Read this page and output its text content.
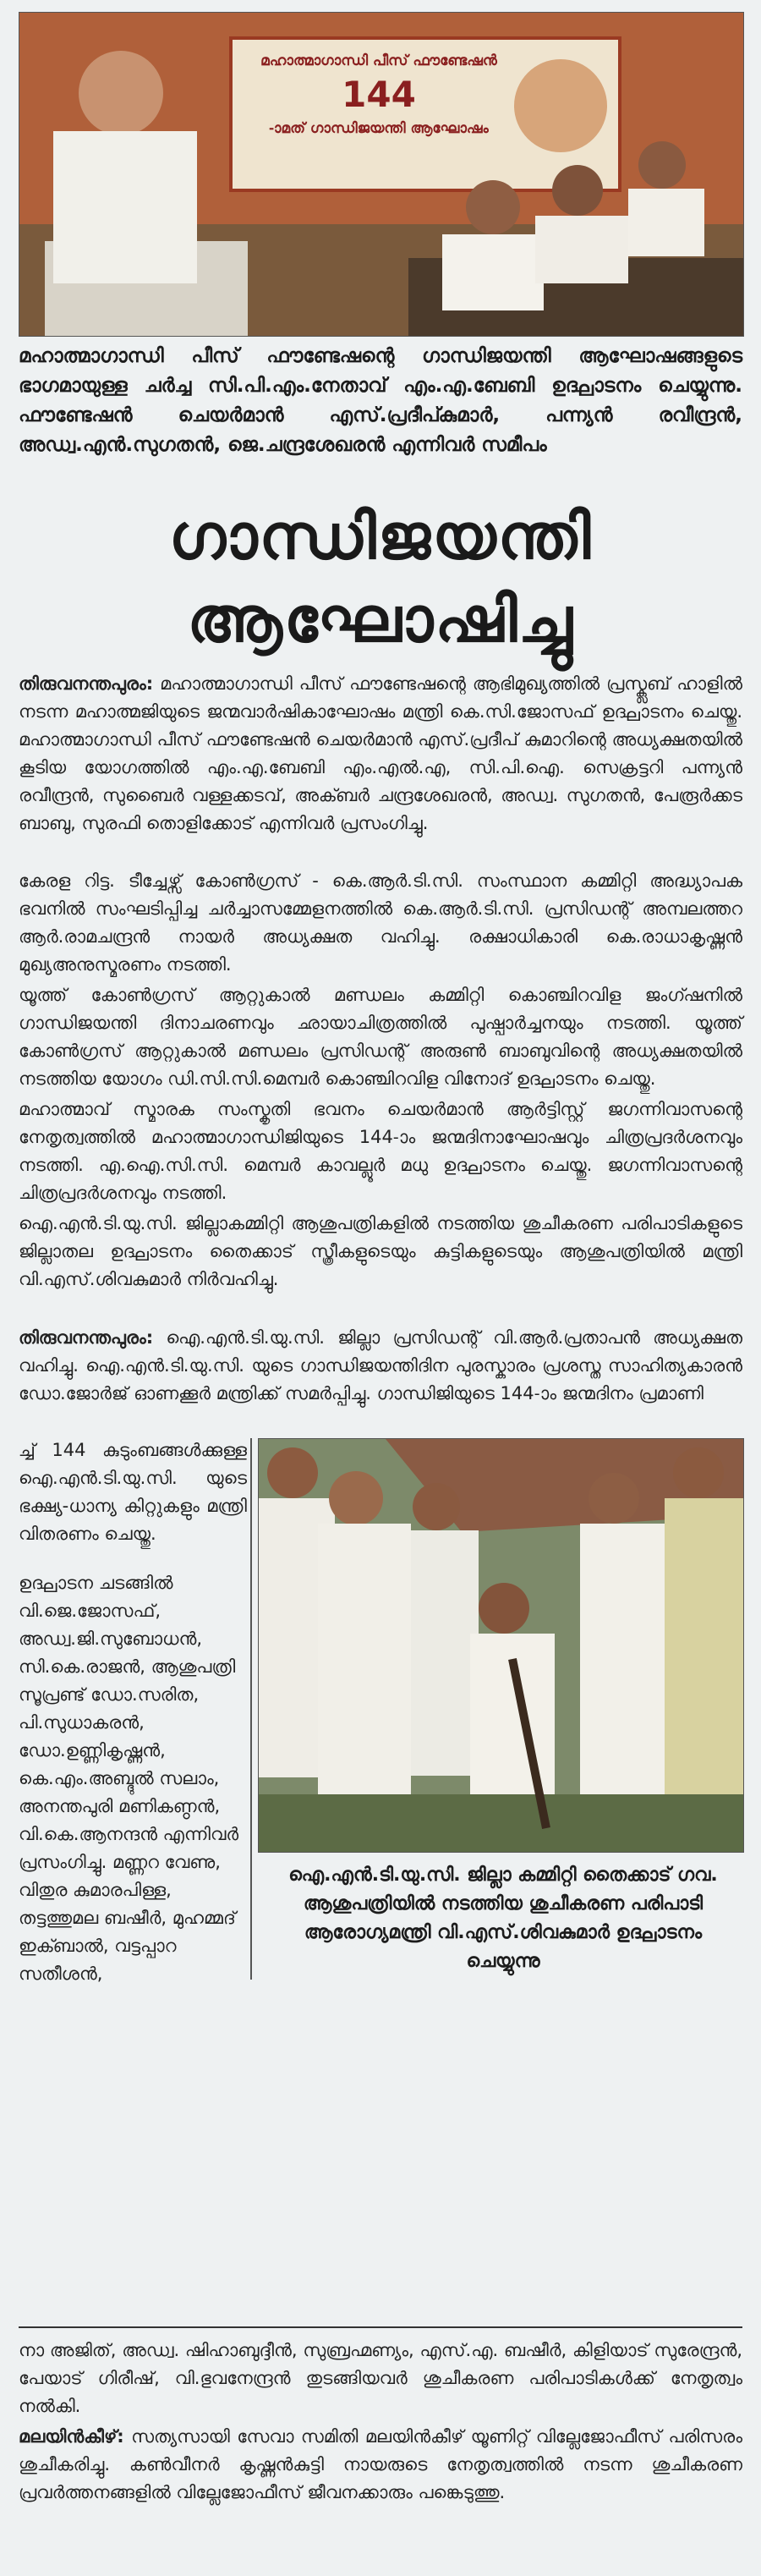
മഹാത്മാഗാന്ധി പീസ് ഫൗണ്ടേഷൻ
144
-ാമത് ഗാന്ധിജയന്തി ആഘോഷം

മഹാത്മാഗാന്ധി പീസ് ഫൗണ്ടേഷന്റെ ഗാന്ധിജയന്തി ആഘോഷങ്ങളുടെ ഭാഗമായുള്ള ചർച്ച സി.പി.എം.നേതാവ് എം.എ.ബേബി ഉദ്ഘാടനം ചെയ്യുന്നു. ഫൗണ്ടേഷൻ ചെയർമാൻ എസ്.പ്രദീപ്കുമാർ, പന്ന്യൻ രവീന്ദ്രൻ, അഡ്വ.എൻ.സുഗതൻ, ജെ.ചന്ദ്രശേഖരൻ എന്നിവർ സമീപം

ഗാന്ധിജയന്തി
ആഘോഷിച്ചു

തിരുവനന്തപുരം: മഹാത്മാഗാന്ധി പീസ് ഫൗണ്ടേഷന്റെ ആഭിമുഖ്യത്തിൽ പ്രസ്ക്ലബ് ഹാളിൽ നടന്ന മഹാത്മജിയുടെ ജന്മവാർഷികാഘോഷം മന്ത്രി കെ.സി.ജോസഫ് ഉദ്ഘാടനം ചെയ്തു. മഹാത്മാഗാന്ധി പീസ് ഫൗണ്ടേഷൻ ചെയർമാൻ എസ്.പ്രദീപ് കുമാറിന്റെ അധ്യക്ഷതയിൽ കൂടിയ യോഗത്തിൽ എം.എ.ബേബി എം.എൽ.എ, സി.പി.ഐ. സെക്രട്ടറി പന്ന്യൻ രവീന്ദ്രൻ, സുബൈർ വള്ളക്കടവ്, അക്ബർ ചന്ദ്രശേഖരൻ, അഡ്വ. സുഗതൻ, പേരൂർക്കട ബാബു, സുരഫി തൊളിക്കോട് എന്നിവർ പ്രസംഗിച്ചു.

കേരള റിട്ട. ടീച്ചേഴ്സ് കോൺഗ്രസ് - കെ.ആർ.ടി.സി. സംസ്ഥാന കമ്മിറ്റി അദ്ധ്യാപക ഭവനിൽ സംഘടിപ്പിച്ച ചർച്ചാസമ്മേളനത്തിൽ കെ.ആർ.ടി.സി. പ്രസിഡന്റ് അമ്പലത്തറ ആർ.രാമചന്ദ്രൻ നായർ അധ്യക്ഷത വഹിച്ചു. രക്ഷാധികാരി കെ.രാധാകൃഷ്ണൻ മുഖ്യഅനുസ്മരണം നടത്തി.

യൂത്ത് കോൺഗ്രസ് ആറ്റുകാൽ മണ്ഡലം കമ്മിറ്റി കൊഞ്ചിറവിള ജംഗ്ഷനിൽ ഗാന്ധിജയന്തി ദിനാചരണവും ഛായാചിത്രത്തിൽ പുഷ്പാർച്ചനയും നടത്തി. യൂത്ത് കോൺഗ്രസ് ആറ്റുകാൽ മണ്ഡലം പ്രസിഡന്റ് അരുൺ ബാബുവിന്റെ അധ്യക്ഷതയിൽ നടത്തിയ യോഗം ഡി.സി.സി.മെമ്പർ കൊഞ്ചിറവിള വിനോദ് ഉദ്ഘാടനം ചെയ്തു.

മഹാത്മാവ് സ്മാരക സംസ്കൃതി ഭവനം ചെയർമാൻ ആർട്ടിസ്റ്റ് ജഗന്നിവാസന്റെ നേതൃത്വത്തിൽ മഹാത്മാഗാന്ധിജിയുടെ 144-ാം ജന്മദിനാഘോഷവും ചിത്രപ്രദർശനവും നടത്തി. എ.ഐ.സി.സി. മെമ്പർ കാവല്ലൂർ മധു ഉദ്ഘാടനം ചെയ്തു. ജഗന്നിവാസന്റെ ചിത്രപ്രദർശനവും നടത്തി.

ഐ.എൻ.ടി.യു.സി. ജില്ലാകമ്മിറ്റി ആശുപത്രികളിൽ നടത്തിയ ശുചീകരണ പരിപാടികളുടെ ജില്ലാതല ഉദ്ഘാടനം തൈക്കാട് സ്ത്രീകളുടെയും കുട്ടികളുടെയും ആശുപത്രിയിൽ മന്ത്രി വി.എസ്.ശിവകുമാർ നിർവഹിച്ചു.

തിരുവനന്തപുരം: ഐ.എൻ.ടി.യു.സി. ജില്ലാ പ്രസിഡന്റ് വി.ആർ.പ്രതാപൻ അധ്യക്ഷത വഹിച്ചു. ഐ.എൻ.ടി.യു.സി. യുടെ ഗാന്ധിജയന്തിദിന പുരസ്കാരം പ്രശസ്ത സാഹിത്യകാരൻ ഡോ.ജോർജ് ഓണക്കൂർ മന്ത്രിക്ക് സമർപ്പിച്ചു. ഗാന്ധിജിയുടെ 144-ാം ജന്മദിനം പ്രമാണി

ച്ച് 144 കുടുംബങ്ങൾക്കുള്ള ഐ.എൻ.ടി.യു.സി. യുടെ ഭക്ഷ്യ-ധാന്യ കിറ്റുകളും മന്ത്രി വിതരണം ചെയ്തു.

ഉദ്ഘാടന ചടങ്ങിൽ വി.ജെ.ജോസഫ്, അഡ്വ.ജി.സുബോധൻ, സി.കെ.രാജൻ, ആശുപത്രി സൂപ്രണ്ട് ഡോ.സരിത, പി.സുധാകരൻ, ഡോ.ഉണ്ണികൃഷ്ണൻ, കെ.എം.അബ്ദുൽ സലാം, അനന്തപുരി മണികണ്ഠൻ, വി.കെ.ആനന്ദൻ എന്നിവർ പ്രസംഗിച്ചു. മണ്ണറ വേണു, വിതുര കുമാരപിള്ള, തട്ടത്തുമല ബഷീർ, മുഹമ്മദ് ഇക്ബാൽ, വട്ടപ്പാറ സതീശൻ,

ഐ.എൻ.ടി.യു.സി. ജില്ലാ കമ്മിറ്റി തൈക്കാട് ഗവ. ആശുപത്രിയിൽ നടത്തിയ ശുചീകരണ പരിപാടി ആരോഗ്യമന്ത്രി വി.എസ്.ശിവകുമാർ ഉദ്ഘാടനം ചെയ്യുന്നു

നാ അജിത്, അഡ്വ. ഷിഹാബുദ്ദീൻ, സുബ്രഹ്മണ്യം, എസ്.എ. ബഷീർ, കിളിയാട് സുരേന്ദ്രൻ, പേയാട് ഗിരീഷ്, വി.ഭുവനേന്ദ്രൻ തുടങ്ങിയവർ ശുചീകരണ പരിപാടികൾക്ക് നേതൃത്വം നൽകി.

മലയിൻകീഴ്: സത്യസായി സേവാ സമിതി മലയിൻകീഴ് യൂണിറ്റ് വില്ലേജോഫീസ് പരിസരം ശുചീകരിച്ചു. കൺവീനർ കൃഷ്ണൻകുട്ടി നായരുടെ നേതൃത്വത്തിൽ നടന്ന ശുചീകരണ പ്രവർത്തനങ്ങളിൽ വില്ലേജോഫീസ് ജീവനക്കാരും പങ്കെടുത്തു.
